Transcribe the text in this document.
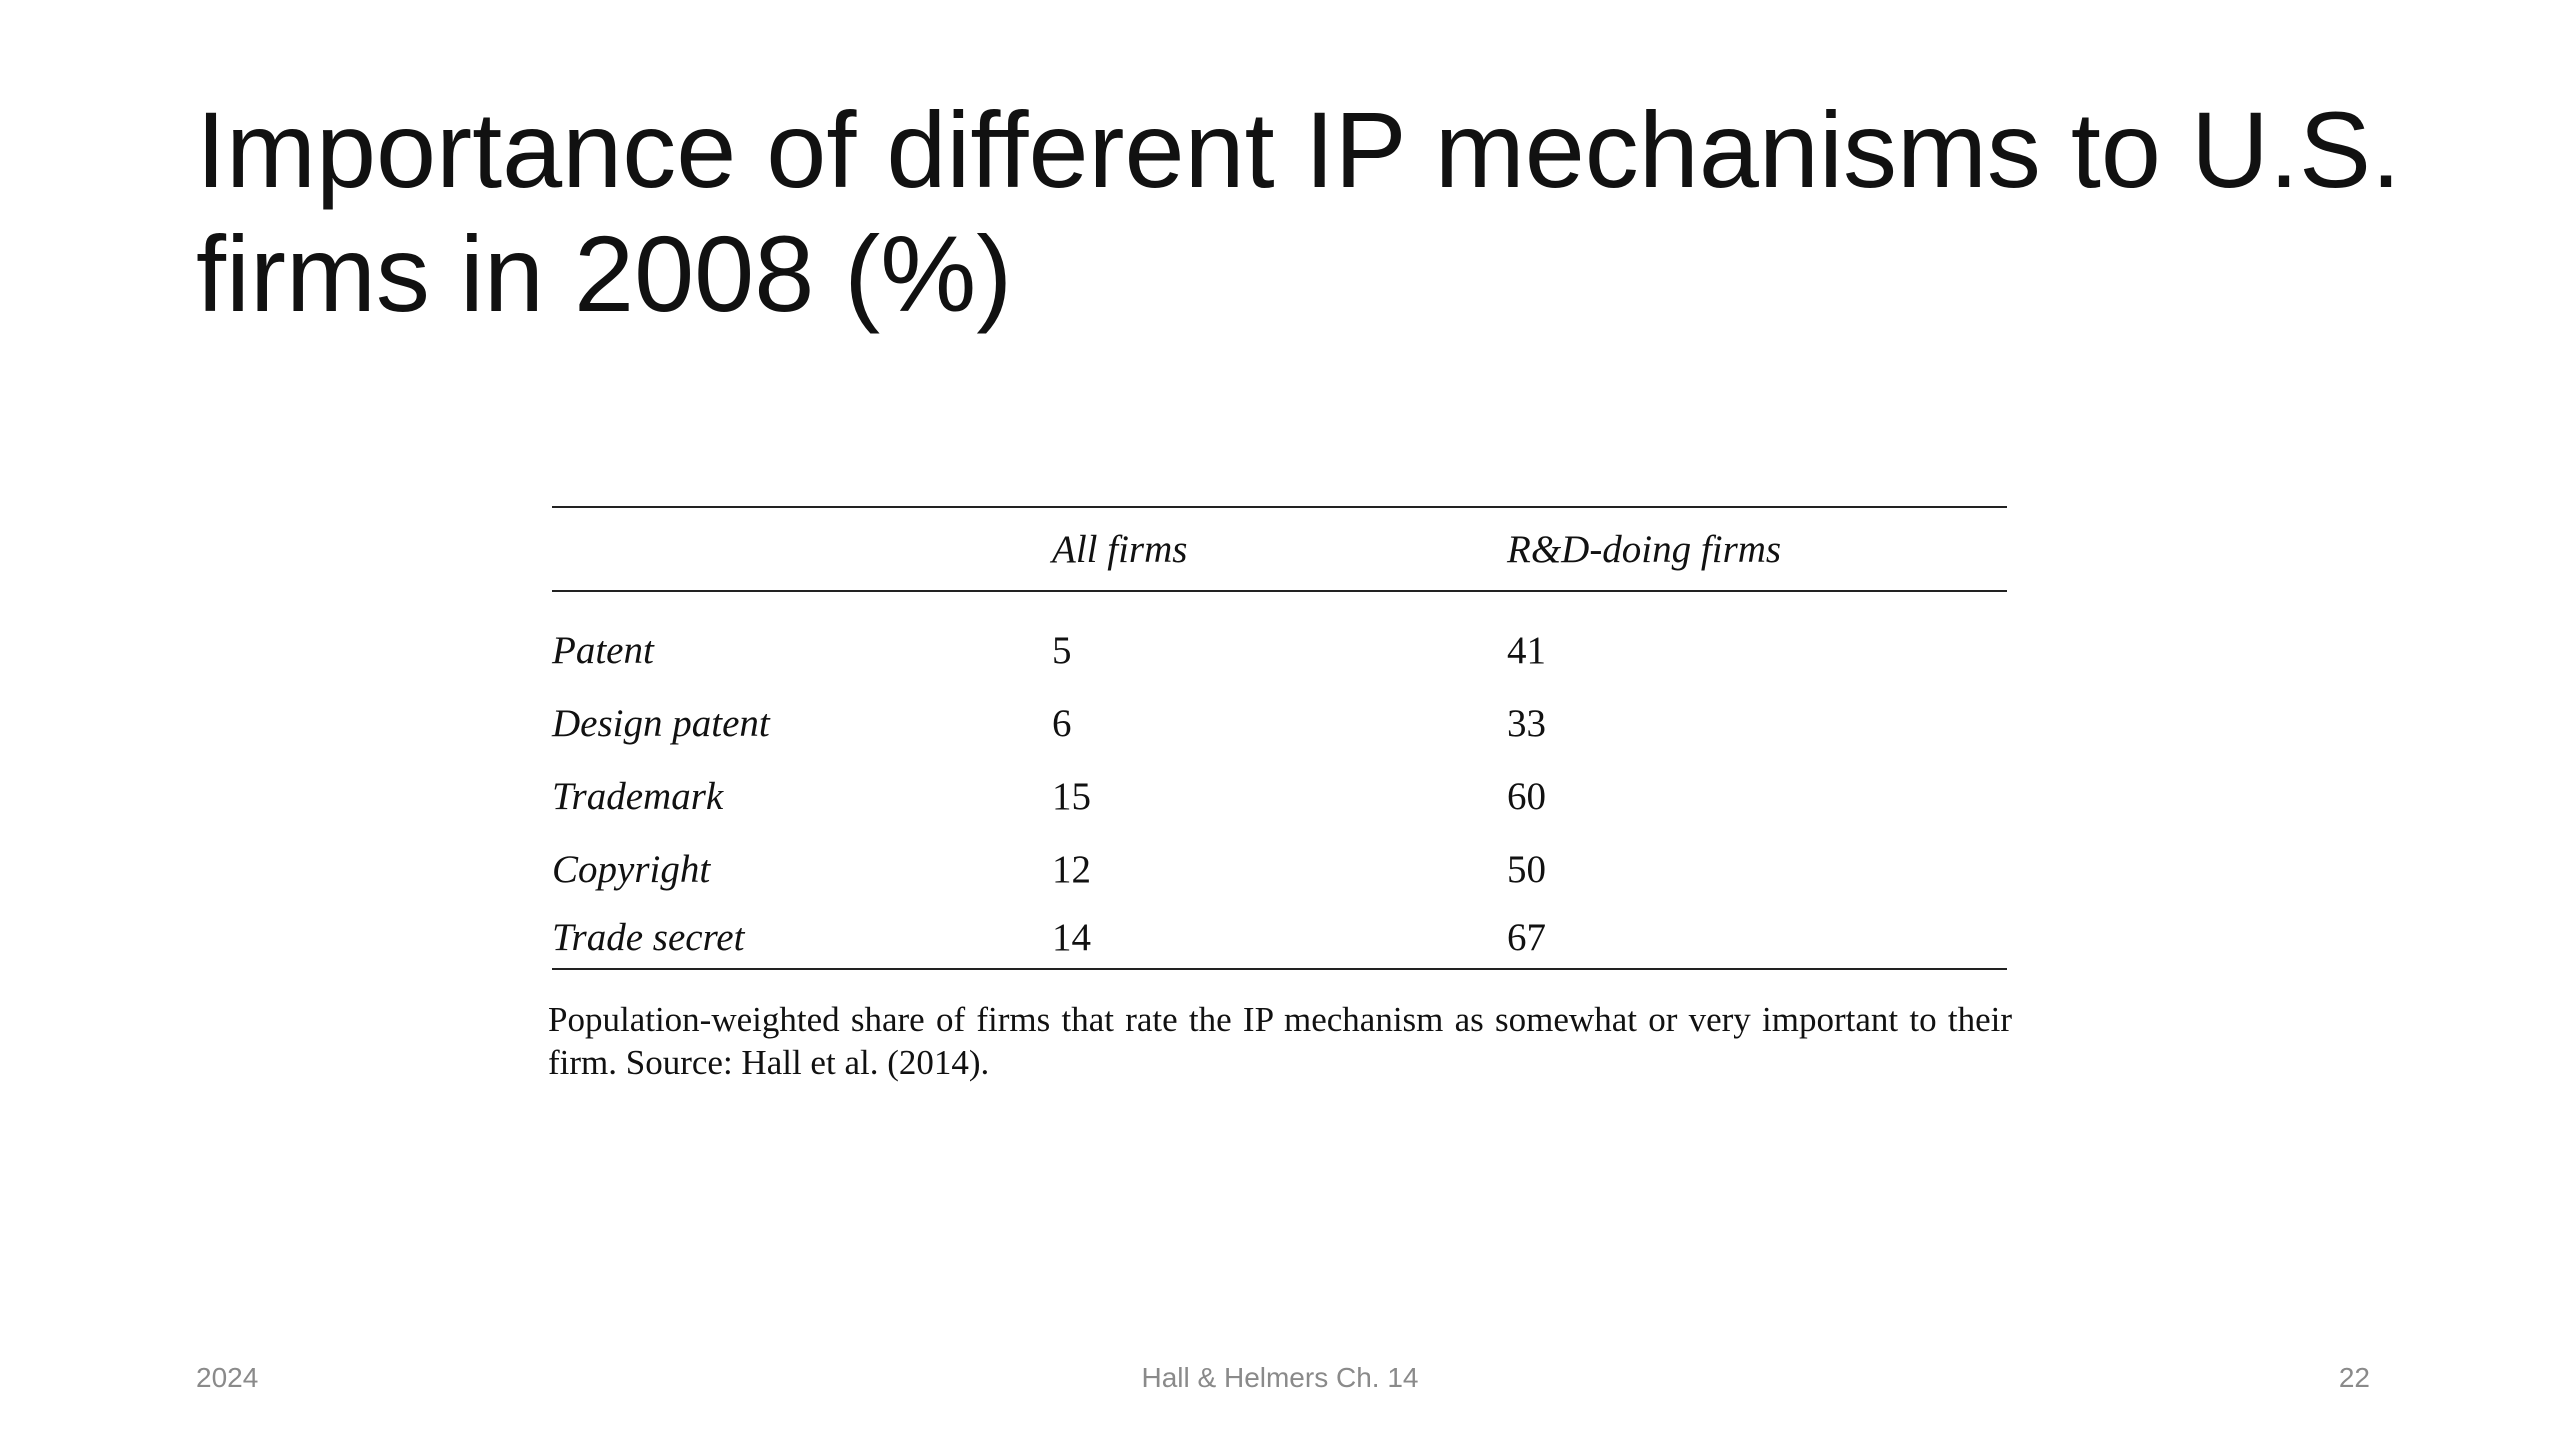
Importance of different IP mechanisms to U.S. firms in 2008 (%)
	All firms	R&D-doing firms
Patent	5	41
Design patent	6	33
Trademark	15	60
Copyright	12	50
Trade secret	14	67

Population-weighted share of firms that rate the IP mechanism as somewhat or very important to their firm. Source: Hall et al. (2014).

2024	Hall & Helmers Ch. 14	22
